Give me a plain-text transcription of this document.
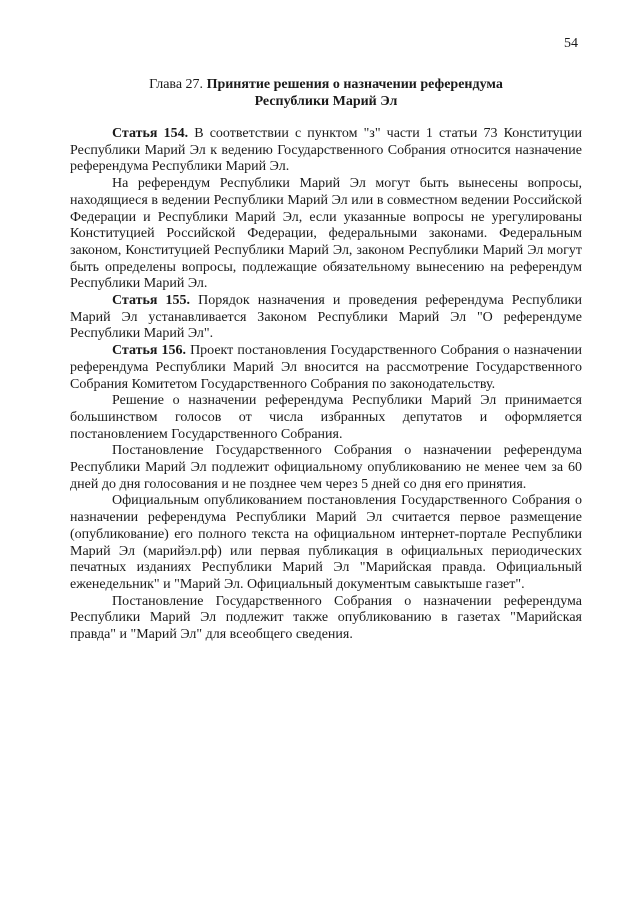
54
Глава 27. Принятие решения о назначении референдума
Республики Марий Эл

Статья 154. В соответствии с пунктом "з" части 1 статьи 73 Конституции Республики Марий Эл к ведению Государственного Собрания относится назначение референдума Республики Марий Эл.

На референдум Республики Марий Эл могут быть вынесены вопросы, находящиеся в ведении Республики Марий Эл или в совместном ведении Российской Федерации и Республики Марий Эл, если указанные вопросы не урегулированы Конституцией Российской Федерации, федеральными законами. Федеральным законом, Конституцией Республики Марий Эл, законом Республики Марий Эл могут быть определены вопросы, подлежащие обязательному вынесению на референдум Республики Марий Эл.

Статья 155. Порядок назначения и проведения референдума Республики Марий Эл устанавливается Законом Республики Марий Эл "О референдуме Республики Марий Эл".

Статья 156. Проект постановления Государственного Собрания о назначении референдума Республики Марий Эл вносится на рассмотрение Государственного Собрания Комитетом Государственного Собрания по законодательству.

Решение о назначении референдума Республики Марий Эл принимается большинством голосов от числа избранных депутатов и оформляется постановлением Государственного Собрания.

Постановление Государственного Собрания о назначении референдума Республики Марий Эл подлежит официальному опубликованию не менее чем за 60 дней до дня голосования и не позднее чем через 5 дней со дня его принятия.

Официальным опубликованием постановления Государственного Собрания о назначении референдума Республики Марий Эл считается первое размещение (опубликование) его полного текста на официальном интернет-портале Республики Марий Эл (марийэл.рф) или первая публикация в официальных периодических печатных изданиях Республики Марий Эл "Марийская правда. Официальный еженедельник" и "Марий Эл. Официальный документым савыктыше газет".

Постановление Государственного Собрания о назначении референдума Республики Марий Эл подлежит также опубликованию в газетах "Марийская правда" и "Марий Эл" для всеобщего сведения.
